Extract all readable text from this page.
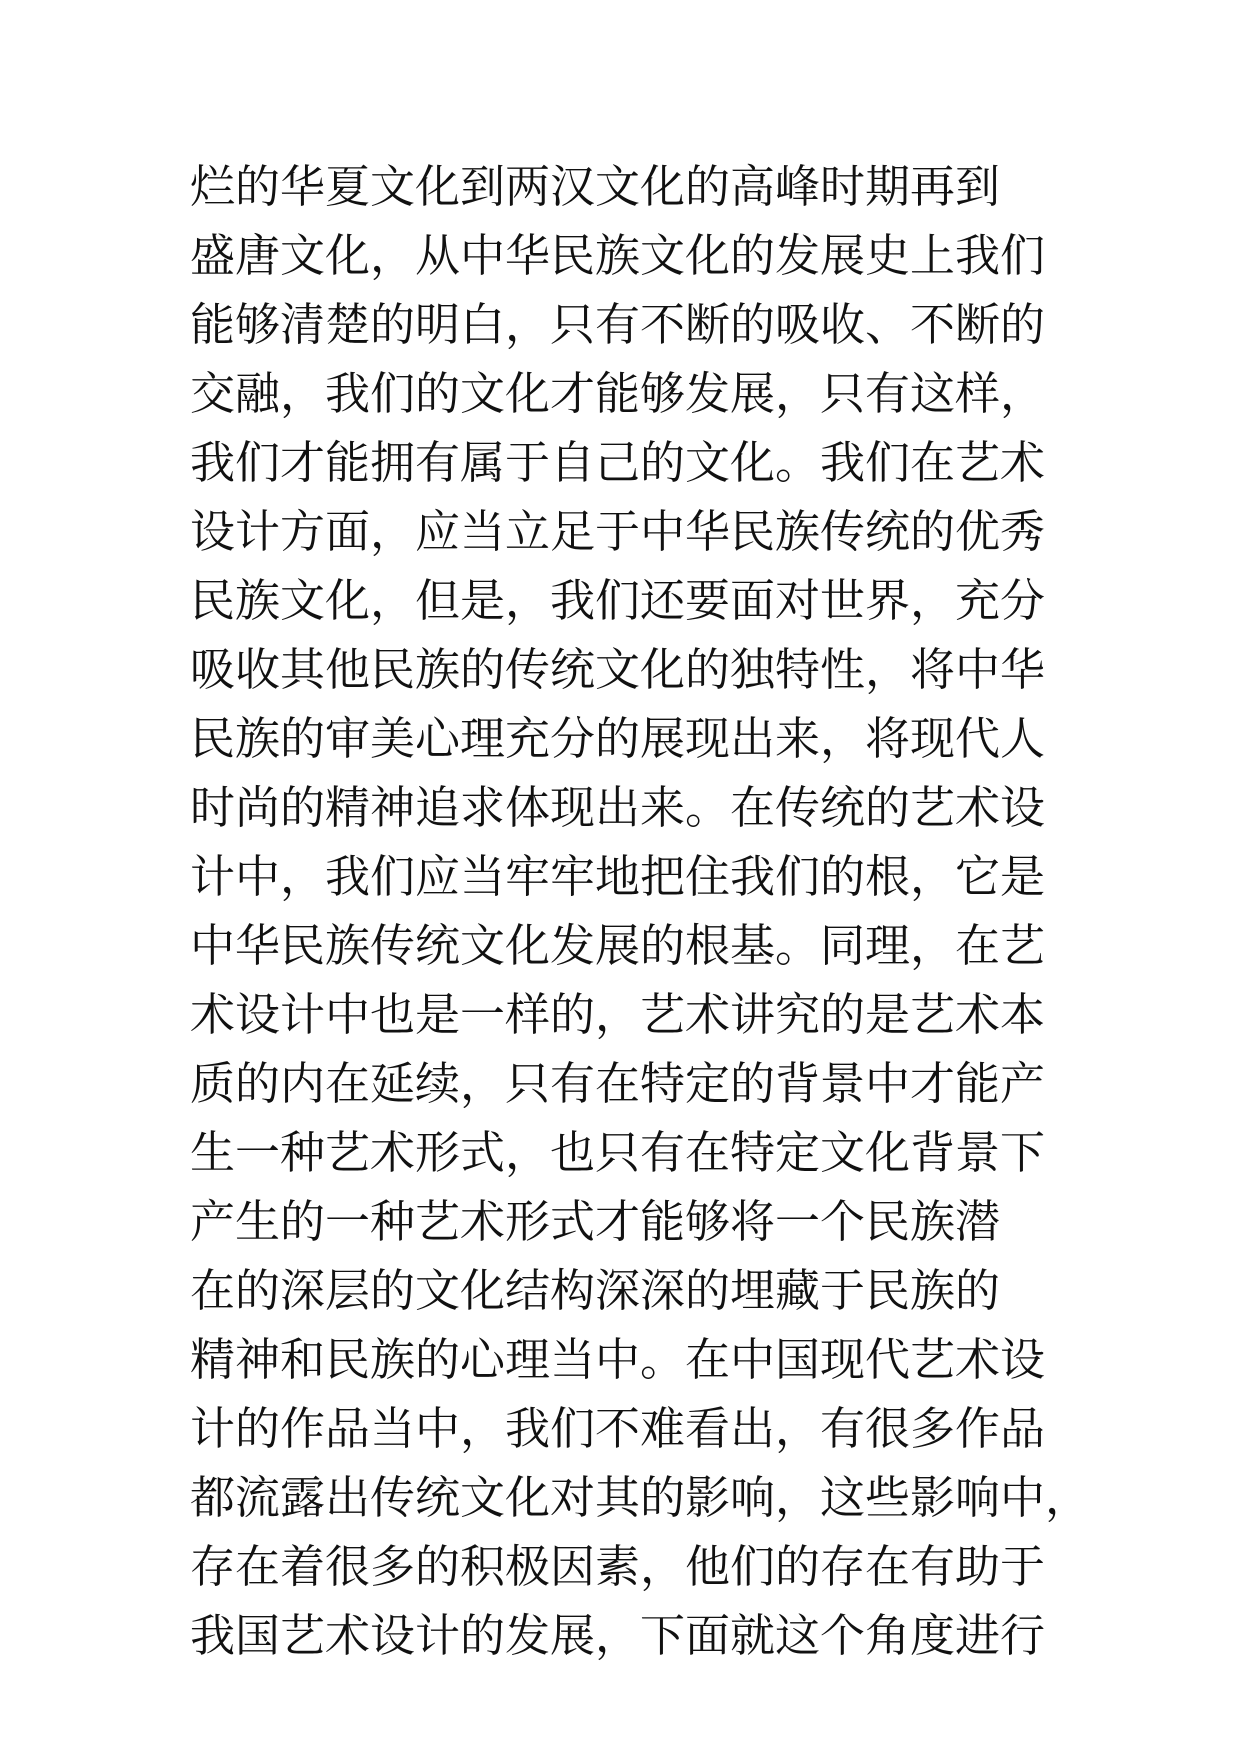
烂的华夏文化到两汉文化的高峰时期再到
盛唐文化，从中华民族文化的发展史上我们
能够清楚的明白，只有不断的吸收、不断的
交融，我们的文化才能够发展，只有这样，
我们才能拥有属于自己的文化。我们在艺术
设计方面，应当立足于中华民族传统的优秀
民族文化，但是，我们还要面对世界，充分
吸收其他民族的传统文化的独特性，将中华
民族的审美心理充分的展现出来，将现代人
时尚的精神追求体现出来。在传统的艺术设
计中，我们应当牢牢地把住我们的根，它是
中华民族传统文化发展的根基。同理，在艺
术设计中也是一样的，艺术讲究的是艺术本
质的内在延续，只有在特定的背景中才能产
生一种艺术形式，也只有在特定文化背景下
产生的一种艺术形式才能够将一个民族潜
在的深层的文化结构深深的埋藏于民族的
精神和民族的心理当中。在中国现代艺术设
计的作品当中，我们不难看出，有很多作品
都流露出传统文化对其的影响，这些影响中，
存在着很多的积极因素，他们的存在有助于
我国艺术设计的发展，下面就这个角度进行
